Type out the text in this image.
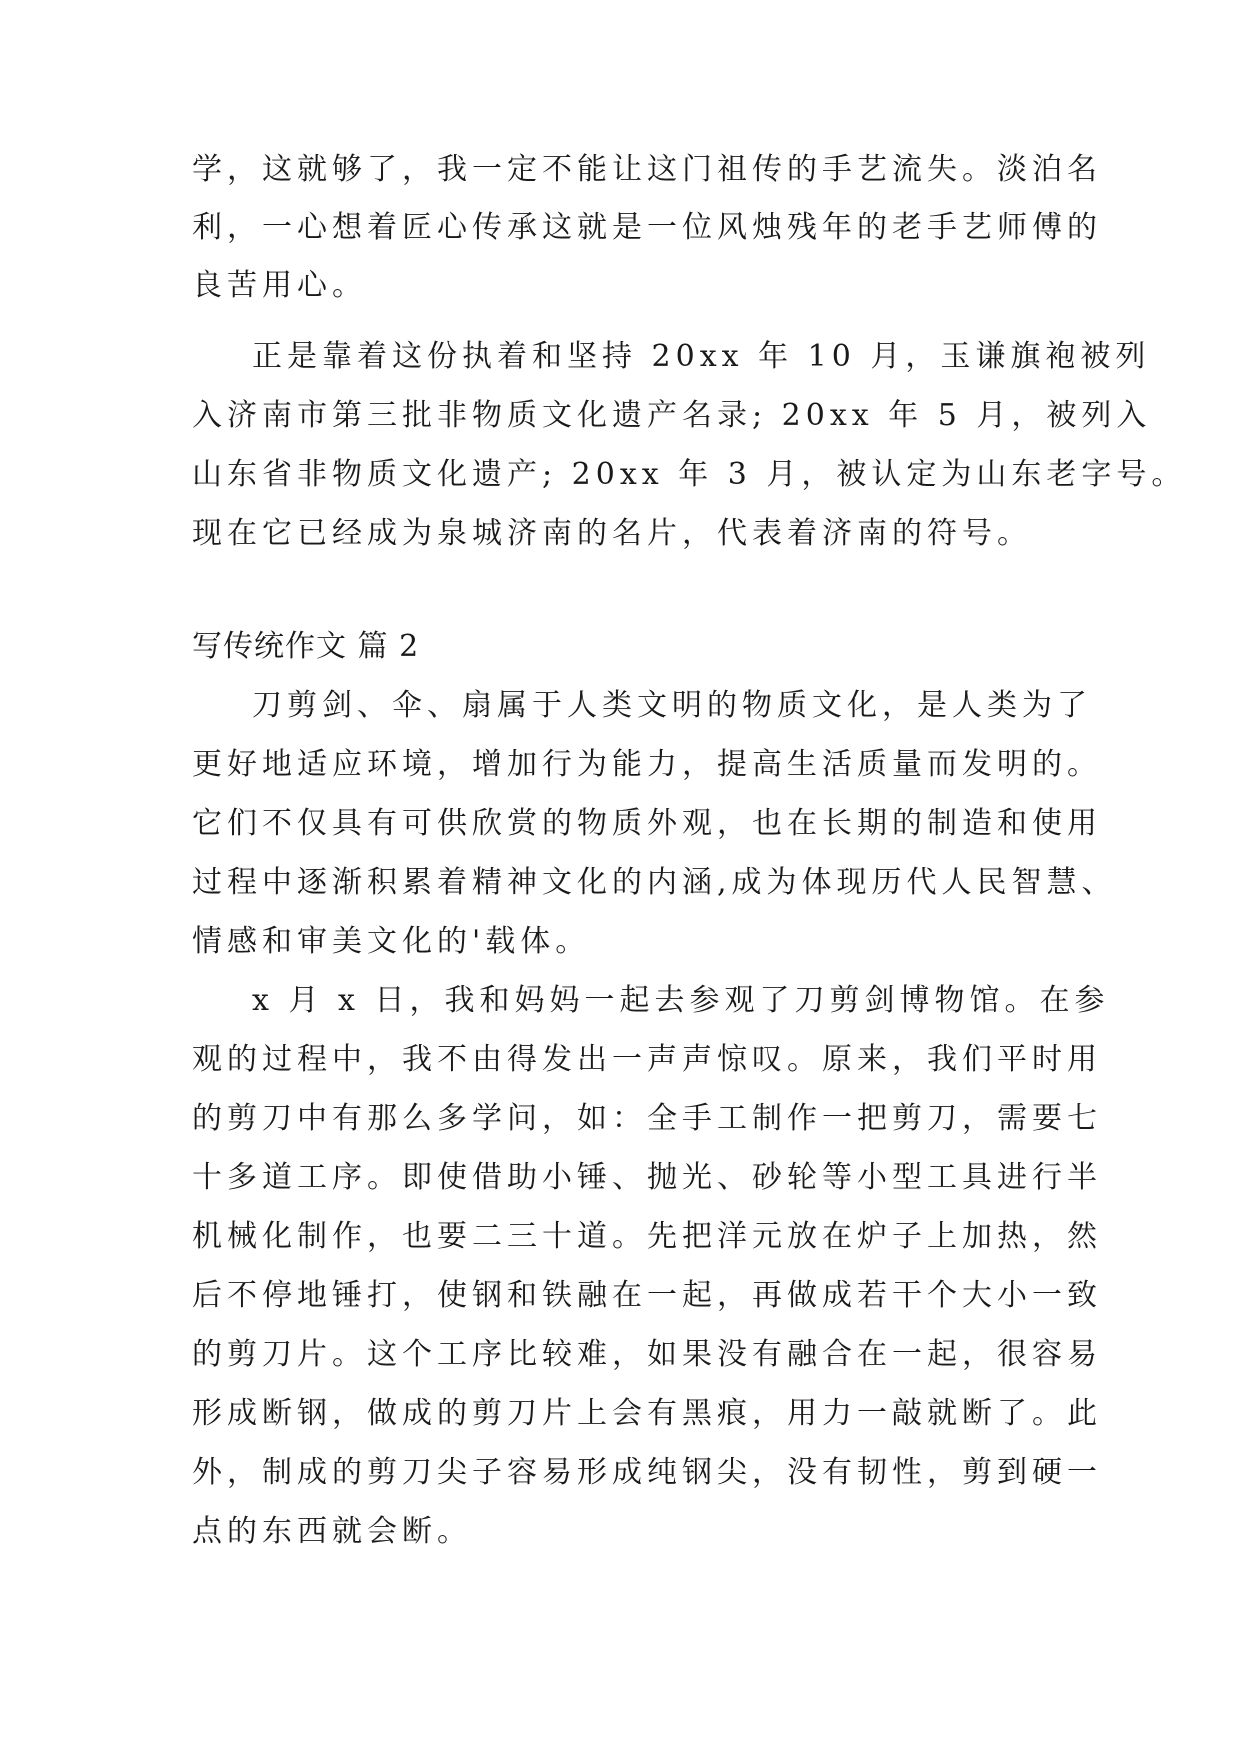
学，这就够了，我一定不能让这门祖传的手艺流失。淡泊名
利，一心想着匠心传承这就是一位风烛残年的老手艺师傅的
良苦用心。
正是靠着这份执着和坚持 20xx 年 10 月，玉谦旗袍被列
入济南市第三批非物质文化遗产名录; 20xx 年 5 月，被列入
山东省非物质文化遗产; 20xx 年 3 月，被认定为山东老字号。
现在它已经成为泉城济南的名片，代表着济南的符号。
写传统作文 篇 2
刀剪剑、伞、扇属于人类文明的物质文化，是人类为了
更好地适应环境，增加行为能力，提高生活质量而发明的。
它们不仅具有可供欣赏的物质外观，也在长期的制造和使用
过程中逐渐积累着精神文化的内涵,成为体现历代人民智慧、
情感和审美文化的'载体。
x 月 x 日，我和妈妈一起去参观了刀剪剑博物馆。在参
观的过程中，我不由得发出一声声惊叹。原来，我们平时用
的剪刀中有那么多学问，如：全手工制作一把剪刀，需要七
十多道工序。即使借助小锤、抛光、砂轮等小型工具进行半
机械化制作，也要二三十道。先把洋元放在炉子上加热，然
后不停地锤打，使钢和铁融在一起，再做成若干个大小一致
的剪刀片。这个工序比较难，如果没有融合在一起，很容易
形成断钢，做成的剪刀片上会有黑痕，用力一敲就断了。此
外，制成的剪刀尖子容易形成纯钢尖，没有韧性，剪到硬一
点的东西就会断。
